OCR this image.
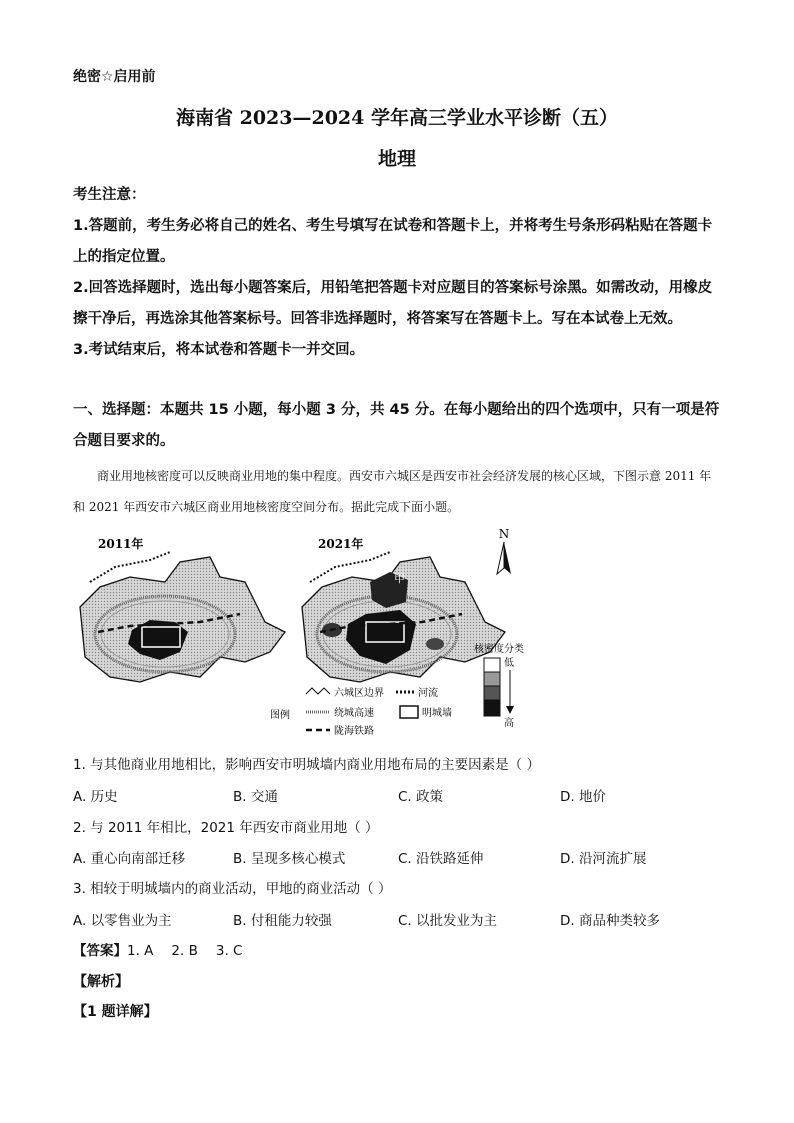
绝密☆启用前
海南省 2023—2024 学年高三学业水平诊断（五）
地理

考生注意：

1.答题前，考生务必将自己的姓名、考生号填写在试卷和答题卡上，并将考生号条形码粘贴在答题卡上的指定位置。

2.回答选择题时，选出每小题答案后，用铅笔把答题卡对应题目的答案标号涂黑。如需改动，用橡皮擦干净后，再选涂其他答案标号。回答非选择题时，将答案写在答题卡上。写在本试卷上无效。

3.考试结束后，将本试卷和答题卡一并交回。

一、选择题：本题共 15 小题，每小题 3 分，共 45 分。在每小题给出的四个选项中，只有一项是符合题目要求的。
商业用地核密度可以反映商业用地的集中程度。西安市六城区是西安市社会经济发展的核心区域，下图示意 2011 年和 2021 年西安市六城区商业用地核密度空间分布。据此完成下面小题。
2011年	2021年
甲
N
核密度分类
低
高
图例
六城区边界	河流
绕城高速	明城墙
陇海铁路
1. 与其他商业用地相比，影响西安市明城墙内商业用地布局的主要因素是（ ）
A. 历史	B. 交通	C. 政策	D. 地价
2. 与 2011 年相比，2021 年西安市商业用地（ ）
A. 重心向南部迁移	B. 呈现多核心模式	C. 沿铁路延伸	D. 沿河流扩展
3. 相较于明城墙内的商业活动，甲地的商业活动（ ）
A. 以零售业为主	B. 付租能力较强	C. 以批发业为主	D. 商品种类较多
【答案】1. A 2. B 3. C
【解析】
【1 题详解】
